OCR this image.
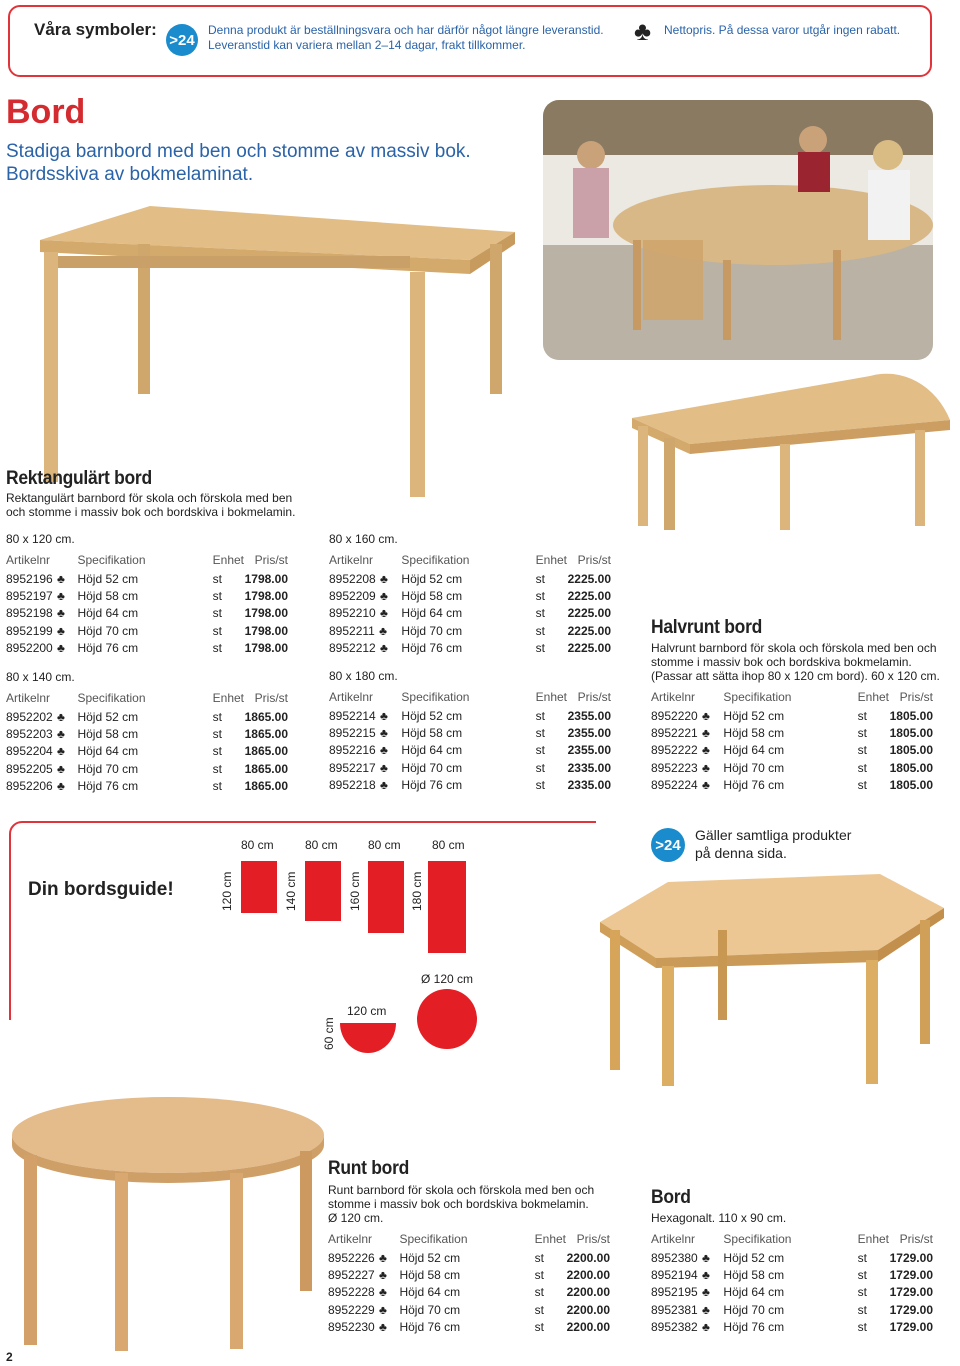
Våra symboler:
>24
Denna produkt är beställningsvara och har därför något längre leveranstid.
Leveranstid kan variera mellan 2–14 dagar, frakt tillkommer.	♣ Nettopris. På dessa varor utgår ingen rabatt.
Bord
Stadiga barnbord med ben och stomme av massiv bok.
Bordsskiva av bokmelaminat.
Rektangulärt bord
Rektangulärt barnbord för skola och förskola med ben
och stomme i massiv bok och bordskiva i bokmelamin.
80 x 120 cm.
Artikelnr	Specifikation	Enhet	Pris/st
8952196 ♣	Höjd 52 cm	st	1798.00
8952197 ♣	Höjd 58 cm	st	1798.00
8952198 ♣	Höjd 64 cm	st	1798.00
8952199 ♣	Höjd 70 cm	st	1798.00
8952200 ♣	Höjd 76 cm	st	1798.00
80 x 140 cm.
Artikelnr	Specifikation	Enhet	Pris/st
8952202 ♣	Höjd 52 cm	st	1865.00
8952203 ♣	Höjd 58 cm	st	1865.00
8952204 ♣	Höjd 64 cm	st	1865.00
8952205 ♣	Höjd 70 cm	st	1865.00
8952206 ♣	Höjd 76 cm	st	1865.00
80 x 160 cm.
Artikelnr	Specifikation	Enhet	Pris/st
8952208 ♣	Höjd 52 cm	st	2225.00
8952209 ♣	Höjd 58 cm	st	2225.00
8952210 ♣	Höjd 64 cm	st	2225.00
8952211 ♣	Höjd 70 cm	st	2225.00
8952212 ♣	Höjd 76 cm	st	2225.00
80 x 180 cm.
Artikelnr	Specifikation	Enhet	Pris/st
8952214 ♣	Höjd 52 cm	st	2355.00
8952215 ♣	Höjd 58 cm	st	2355.00
8952216 ♣	Höjd 64 cm	st	2355.00
8952217 ♣	Höjd 70 cm	st	2335.00
8952218 ♣	Höjd 76 cm	st	2335.00
Halvrunt bord
Halvrunt barnbord för skola och förskola med ben och
stomme i massiv bok och bordskiva bokmelamin.
(Passar att sätta ihop 80 x 120 cm bord). 60 x 120 cm.
Artikelnr	Specifikation	Enhet	Pris/st
8952220 ♣	Höjd 52 cm	st	1805.00
8952221 ♣	Höjd 58 cm	st	1805.00
8952222 ♣	Höjd 64 cm	st	1805.00
8952223 ♣	Höjd 70 cm	st	1805.00
8952224 ♣	Höjd 76 cm	st	1805.00
Din bordsguide!
80 cm	80 cm	80 cm	80 cm
120 cm	140 cm	160 cm	180 cm
120 cm
60 cm
Ø 120 cm
>24
Gäller samtliga produkter
på denna sida.
Runt bord
Runt barnbord för skola och förskola med ben och
stomme i massiv bok och bordskiva bokmelamin.
Ø 120 cm.
Artikelnr	Specifikation	Enhet	Pris/st
8952226 ♣	Höjd 52 cm	st	2200.00
8952227 ♣	Höjd 58 cm	st	2200.00
8952228 ♣	Höjd 64 cm	st	2200.00
8952229 ♣	Höjd 70 cm	st	2200.00
8952230 ♣	Höjd 76 cm	st	2200.00
Bord
Hexagonalt. 110 x 90 cm.
Artikelnr	Specifikation	Enhet	Pris/st
8952380 ♣	Höjd 52 cm	st	1729.00
8952194 ♣	Höjd 58 cm	st	1729.00
8952195 ♣	Höjd 64 cm	st	1729.00
8952381 ♣	Höjd 70 cm	st	1729.00
8952382 ♣	Höjd 76 cm	st	1729.00
2
